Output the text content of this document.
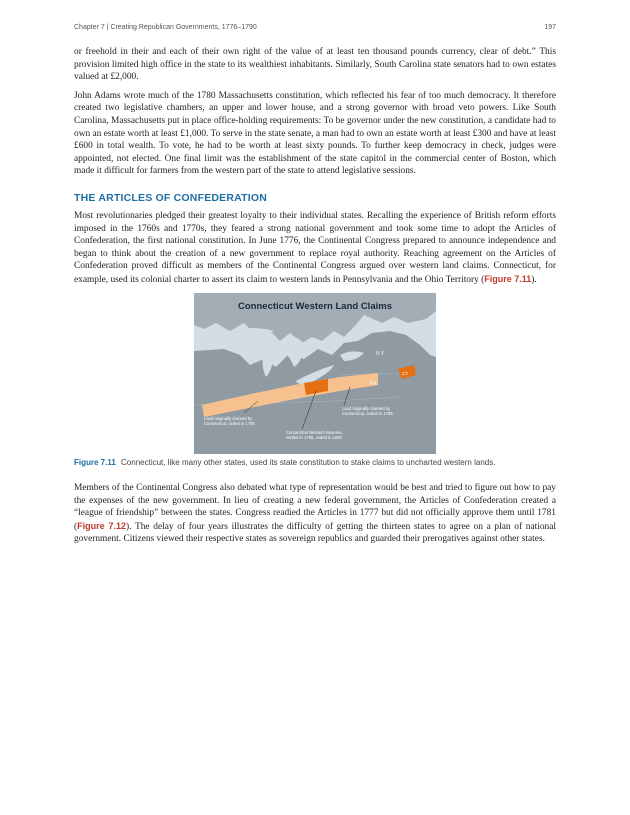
Chapter 7 | Creating Republican Governments, 1776–1790	197

or freehold in their and each of their own right of the value of at least ten thousand pounds currency, clear of debt.” This provision limited high office in the state to its wealthiest inhabitants. Similarly, South Carolina state senators had to own estates valued at £2,000.

John Adams wrote much of the 1780 Massachusetts constitution, which reflected his fear of too much democracy. It therefore created two legislative chambers, an upper and lower house, and a strong governor with broad veto powers. Like South Carolina, Massachusetts put in place office-holding requirements: To be governor under the new constitution, a candidate had to own an estate worth at least £1,000. To serve in the state senate, a man had to own an estate worth at least £300 and have at least £600 in total wealth. To vote, he had to be worth at least sixty pounds. To further keep democracy in check, judges were appointed, not elected. One final limit was the establishment of the state capitol in the commercial center of Boston, which made it difficult for farmers from the western part of the state to attend legislative sessions.

THE ARTICLES OF CONFEDERATION

Most revolutionaries pledged their greatest loyalty to their individual states. Recalling the experience of British reform efforts imposed in the 1760s and 1770s, they feared a strong national government and took some time to adopt the Articles of Confederation, the first national constitution. In June 1776, the Continental Congress prepared to announce independence and began to think about the creation of a new government to replace royal authority. Reaching agreement on the Articles of Confederation proved difficult as members of the Continental Congress argued over western land claims. Connecticut, for example, used its colonial charter to assert its claim to western lands in Pennsylvania and the Ohio Territory (Figure 7.11).

Connecticut Western Land Claims
N Y
PA
CT
Land originally claimed by
Connecticut, ceded in 1786
Land originally claimed by
Connecticut, ceded in 1786
Connecticut Western Reserve,
settled in 1786, ceded in 1800
Figure 7.11 Connecticut, like many other states, used its state constitution to stake claims to uncharted western lands.

Members of the Continental Congress also debated what type of representation would be best and tried to figure out how to pay the expenses of the new government. In lieu of creating a new federal government, the Articles of Confederation created a “league of friendship” between the states. Congress readied the Articles in 1777 but did not officially approve them until 1781 (Figure 7.12). The delay of four years illustrates the difficulty of getting the thirteen states to agree on a plan of national government. Citizens viewed their respective states as sovereign republics and guarded their prerogatives against other states.
